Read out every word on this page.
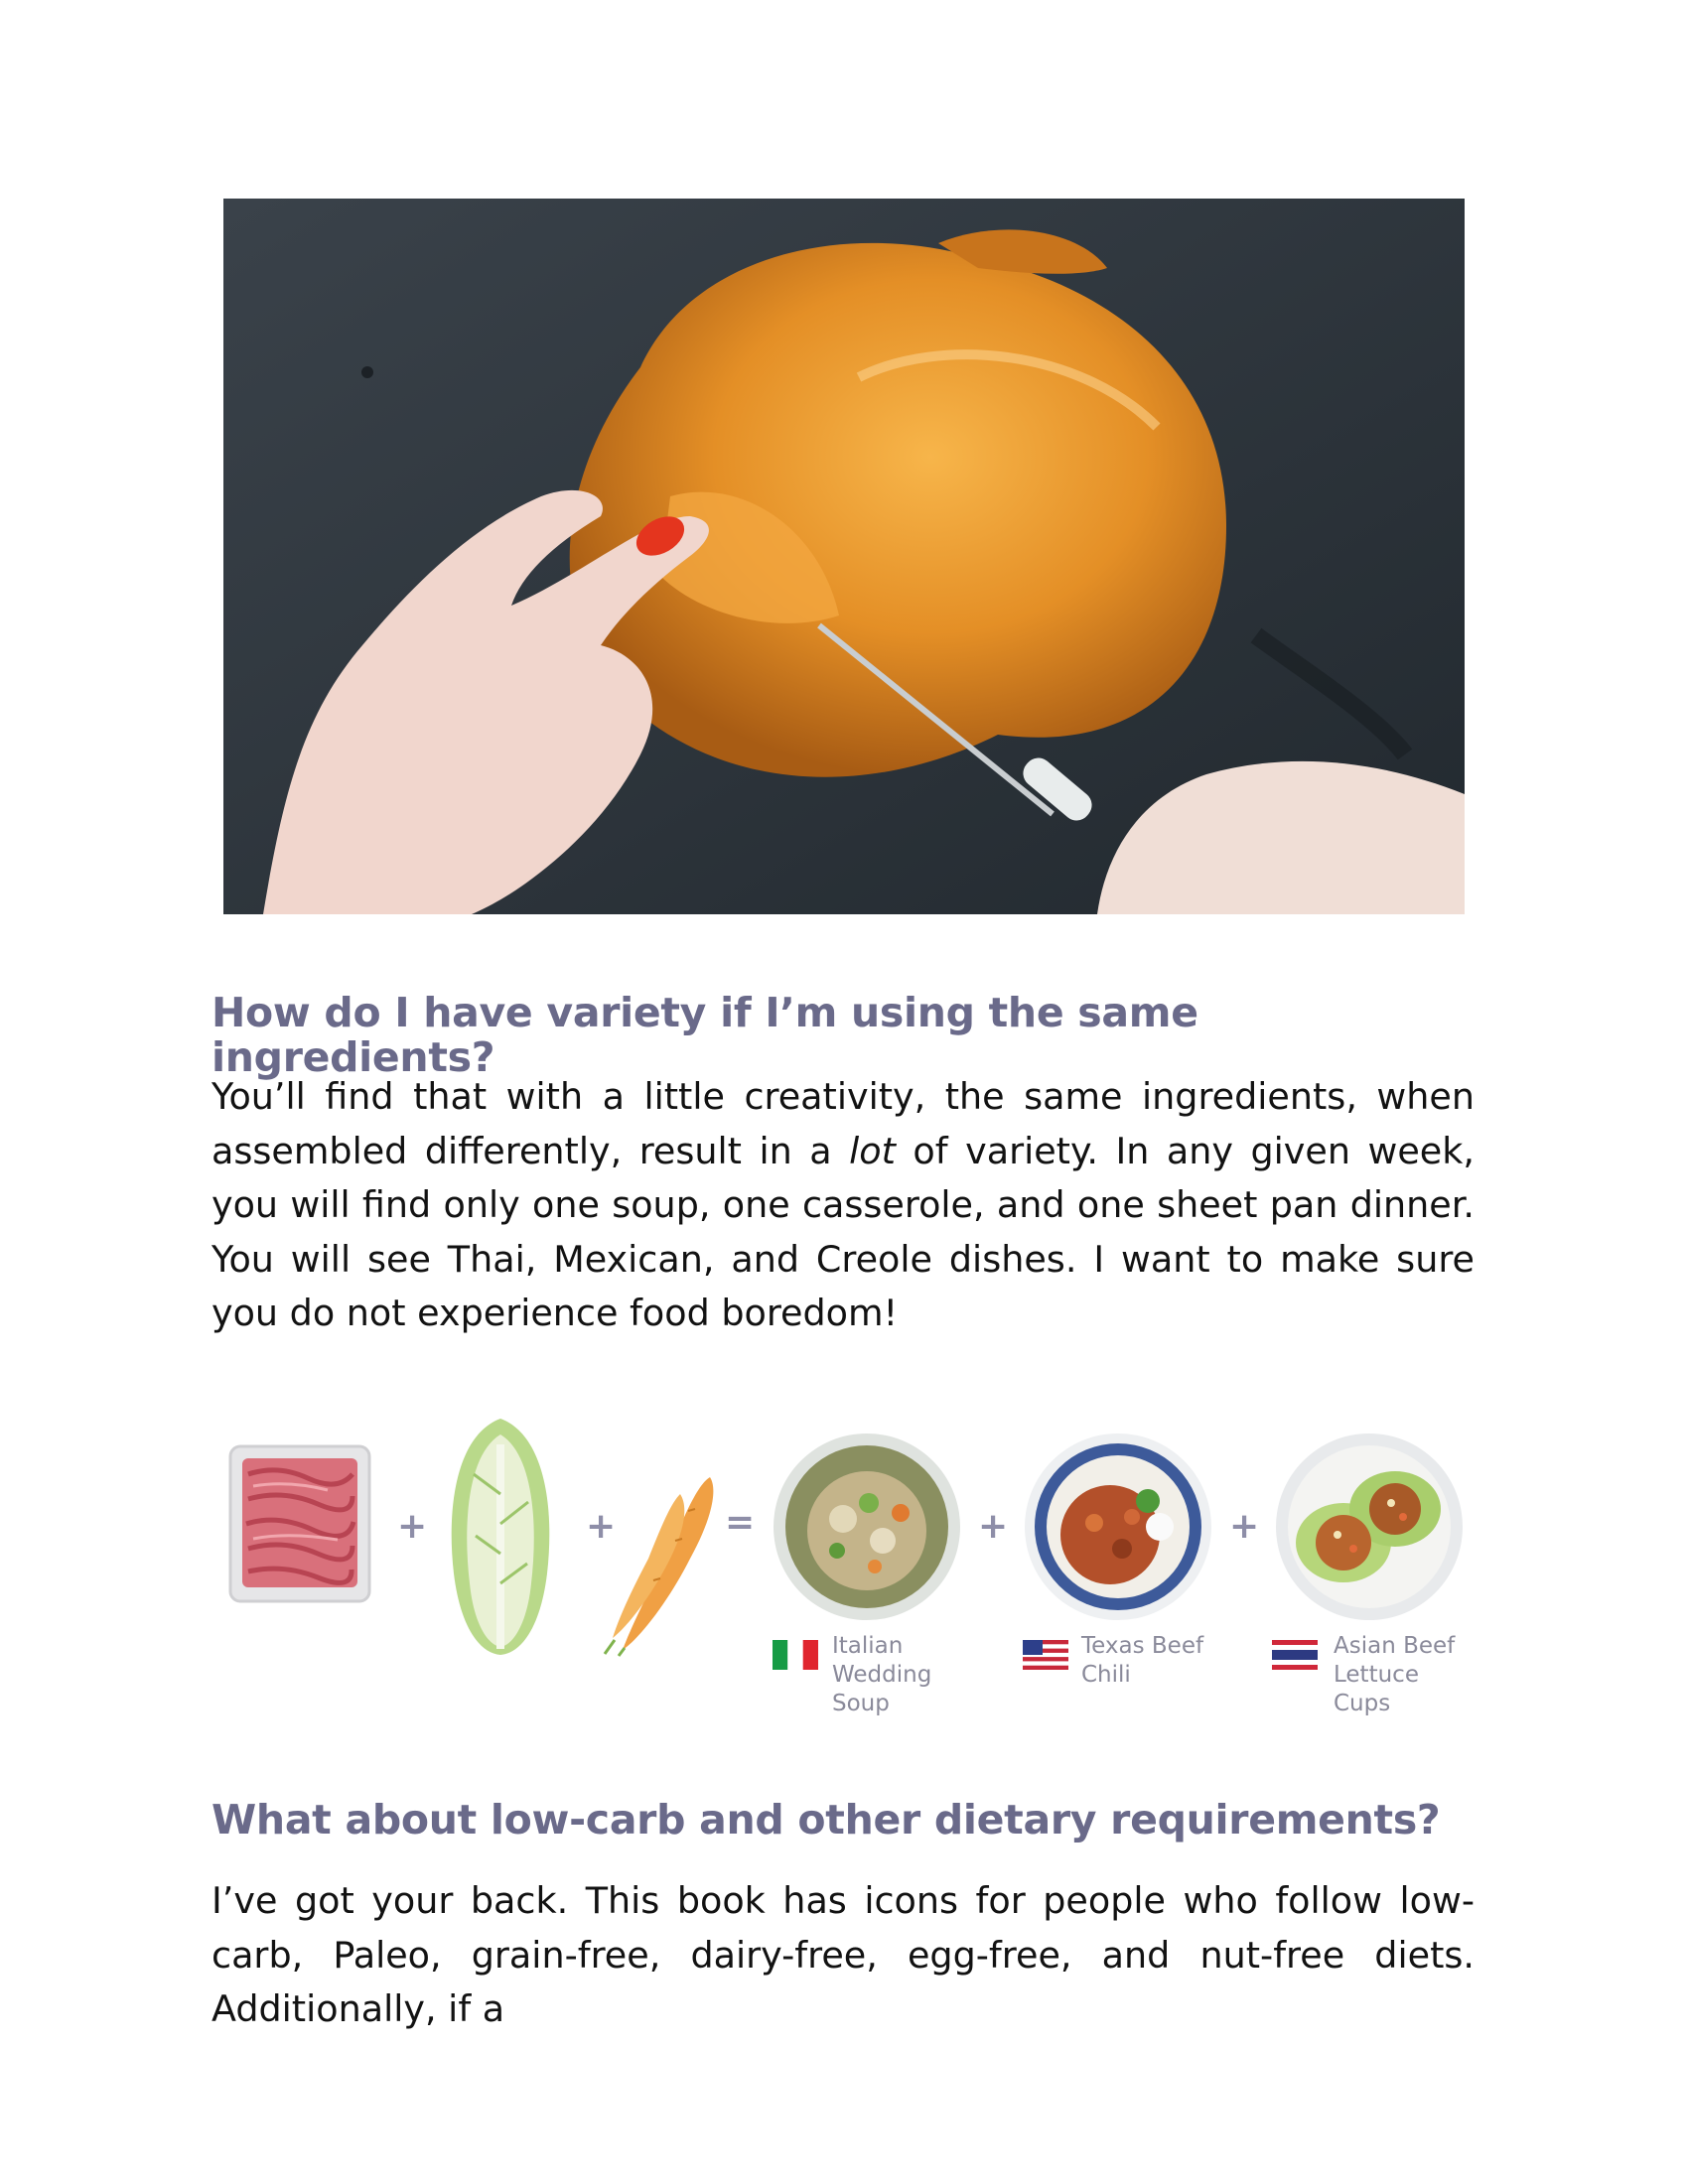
How do I have variety if I’m using the same ingredients?

You’ll find that with a little creativity, the same ingredients, when assembled differently, result in a lot of variety. In any given week, you will find only one soup, one casserole, and one sheet pan dinner. You will see Thai, Mexican, and Creole dishes. I want to make sure you do not experience food boredom!

+	+	=
Italian
Wedding
Soup
+
Texas Beef
Chili
+
Asian Beef
Lettuce
Cups
What about low-carb and other dietary requirements?

I’ve got your back. This book has icons for people who follow low-carb, Paleo, grain-free, dairy-free, egg-free, and nut-free diets. Additionally, if a
